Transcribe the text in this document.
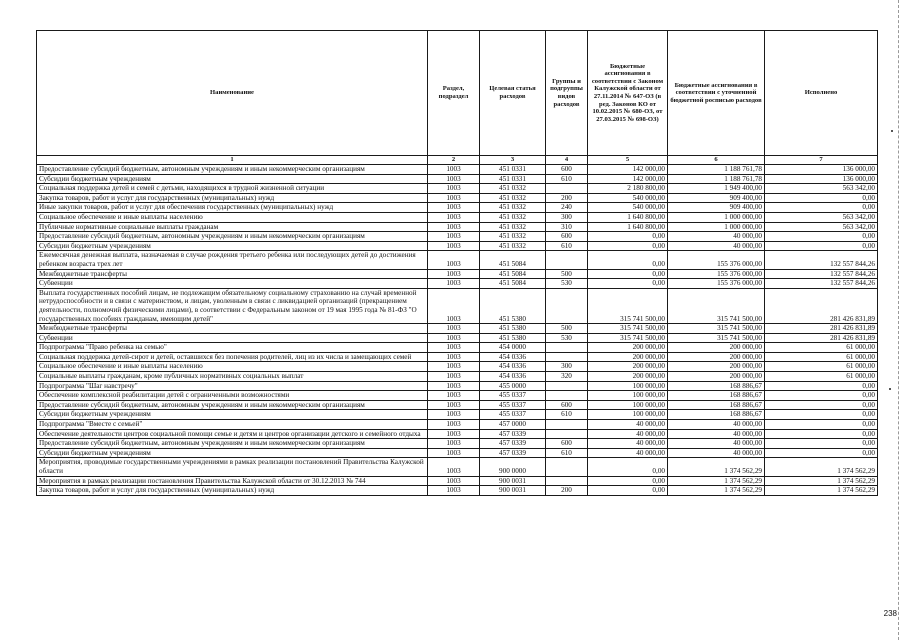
Наименование	Раздел, подраздел	Целевая статья расходов	Группы и подгруппы видов расходов	Бюджетные ассигнования в соответствии с Законом Калужской области от 27.11.2014 № 647-ОЗ (в ред. Законов КО от 10.02.2015 № 680-ОЗ, от 27.03.2015 № 698-ОЗ)	Бюджетные ассигнования в соответствии с уточненной бюджетной росписью расходов	Исполнено
1	2	3	4	5	6	7
Предоставление субсидий бюджетным, автономным учреждениям и иным некоммерческим организациям	1003	451 0331	600	142 000,00	1 188 761,78	136 000,00
Субсидии бюджетным учреждениям	1003	451 0331	610	142 000,00	1 188 761,78	136 000,00
Социальная поддержка детей и семей с детьми, находящихся в трудной жизненной ситуации	1003	451 0332		2 180 800,00	1 949 400,00	563 342,00
Закупка товаров, работ и услуг для государственных (муниципальных) нужд	1003	451 0332	200	540 000,00	909 400,00	0,00
Иные закупки товаров, работ и услуг для обеспечения государственных (муниципальных) нужд	1003	451 0332	240	540 000,00	909 400,00	0,00
Социальное обеспечение и иные выплаты населению	1003	451 0332	300	1 640 800,00	1 000 000,00	563 342,00
Публичные нормативные социальные выплаты гражданам	1003	451 0332	310	1 640 800,00	1 000 000,00	563 342,00
Предоставление субсидий бюджетным, автономным учреждениям и иным некоммерческим организациям	1003	451 0332	600	0,00	40 000,00	0,00
Субсидии бюджетным учреждениям	1003	451 0332	610	0,00	40 000,00	0,00
Ежемесячная денежная выплата, назначаемая в случае рождения третьего ребенка или последующих детей до достижения ребенком возраста трех лет	1003	451 5084		0,00	155 376 000,00	132 557 844,26
Межбюджетные трансферты	1003	451 5084	500	0,00	155 376 000,00	132 557 844,26
Субвенции	1003	451 5084	530	0,00	155 376 000,00	132 557 844,26
Выплата государственных пособий лицам, не подлежащим обязательному социальному страхованию на случай временной нетрудоспособности и в связи с материнством, и лицам, уволенным в связи с ликвидацией организаций (прекращением деятельности, полномочий физическими лицами), в соответствии с Федеральным законом от 19 мая 1995 года № 81-ФЗ "О государственных пособиях гражданам, имеющим детей"	1003	451 5380		315 741 500,00	315 741 500,00	281 426 831,89
Межбюджетные трансферты	1003	451 5380	500	315 741 500,00	315 741 500,00	281 426 831,89
Субвенции	1003	451 5380	530	315 741 500,00	315 741 500,00	281 426 831,89
Подпрограмма "Право ребенка на семью"	1003	454 0000		200 000,00	200 000,00	61 000,00
Социальная поддержка детей-сирот и детей, оставшихся без попечения родителей, лиц из их числа и замещающих семей	1003	454 0336		200 000,00	200 000,00	61 000,00
Социальное обеспечение и иные выплаты населению	1003	454 0336	300	200 000,00	200 000,00	61 000,00
Социальные выплаты гражданам, кроме публичных нормативных социальных выплат	1003	454 0336	320	200 000,00	200 000,00	61 000,00
Подпрограмма "Шаг навстречу"	1003	455 0000		100 000,00	168 886,67	0,00
Обеспечение комплексной реабилитации детей с ограниченными возможностями	1003	455 0337		100 000,00	168 886,67	0,00
Предоставление субсидий бюджетным, автономным учреждениям и иным некоммерческим организациям	1003	455 0337	600	100 000,00	168 886,67	0,00
Субсидии бюджетным учреждениям	1003	455 0337	610	100 000,00	168 886,67	0,00
Подпрограмма "Вместе с семьей"	1003	457 0000		40 000,00	40 000,00	0,00
Обеспечение деятельности центров социальной помощи семье и детям и центров организации детского и семейного отдыха	1003	457 0339		40 000,00	40 000,00	0,00
Предоставление субсидий бюджетным, автономным учреждениям и иным некоммерческим организациям	1003	457 0339	600	40 000,00	40 000,00	0,00
Субсидии бюджетным учреждениям	1003	457 0339	610	40 000,00	40 000,00	0,00
Мероприятия, проводимые государственными учреждениями в рамках реализации постановлений Правительства Калужской области	1003	900 0000		0,00	1 374 562,29	1 374 562,29
Мероприятия в рамках реализации постановления Правительства Калужской области от 30.12.2013 № 744	1003	900 0031		0,00	1 374 562,29	1 374 562,29
Закупка товаров, работ и услуг для государственных (муниципальных) нужд	1003	900 0031	200	0,00	1 374 562,29	1 374 562,29
238
